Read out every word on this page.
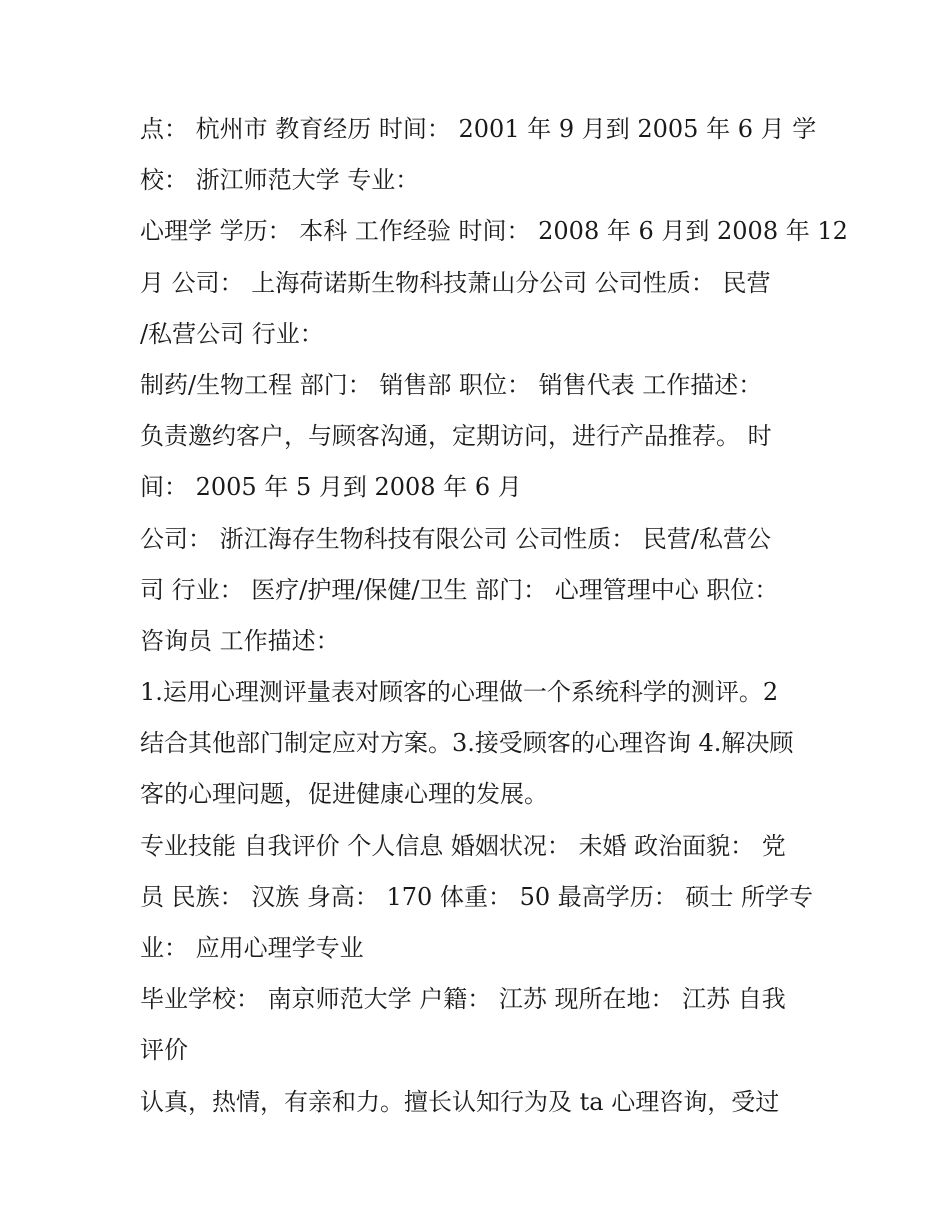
点： 杭州市 教育经历 时间： 2001 年 9 月到 2005 年 6 月 学
校： 浙江师范大学 专业：
心理学 学历： 本科 工作经验 时间： 2008 年 6 月到 2008 年 12
月 公司： 上海荷诺斯生物科技萧山分公司 公司性质： 民营
/私营公司 行业：
制药/生物工程 部门： 销售部 职位： 销售代表 工作描述：
负责邀约客户，与顾客沟通，定期访问，进行产品推荐。 时
间： 2005 年 5 月到 2008 年 6 月
公司： 浙江海存生物科技有限公司 公司性质： 民营/私营公
司 行业： 医疗/护理/保健/卫生 部门： 心理管理中心 职位：
咨询员 工作描述：
1.运用心理测评量表对顾客的心理做一个系统科学的测评。2
结合其他部门制定应对方案。3.接受顾客的心理咨询 4.解决顾
客的心理问题，促进健康心理的发展。
专业技能 自我评价 个人信息 婚姻状况： 未婚 政治面貌： 党
员 民族： 汉族 身高： 170 体重： 50 最高学历： 硕士 所学专
业： 应用心理学专业
毕业学校： 南京师范大学 户籍： 江苏 现所在地： 江苏 自我
评价
认真，热情，有亲和力。擅长认知行为及 ta 心理咨询，受过
